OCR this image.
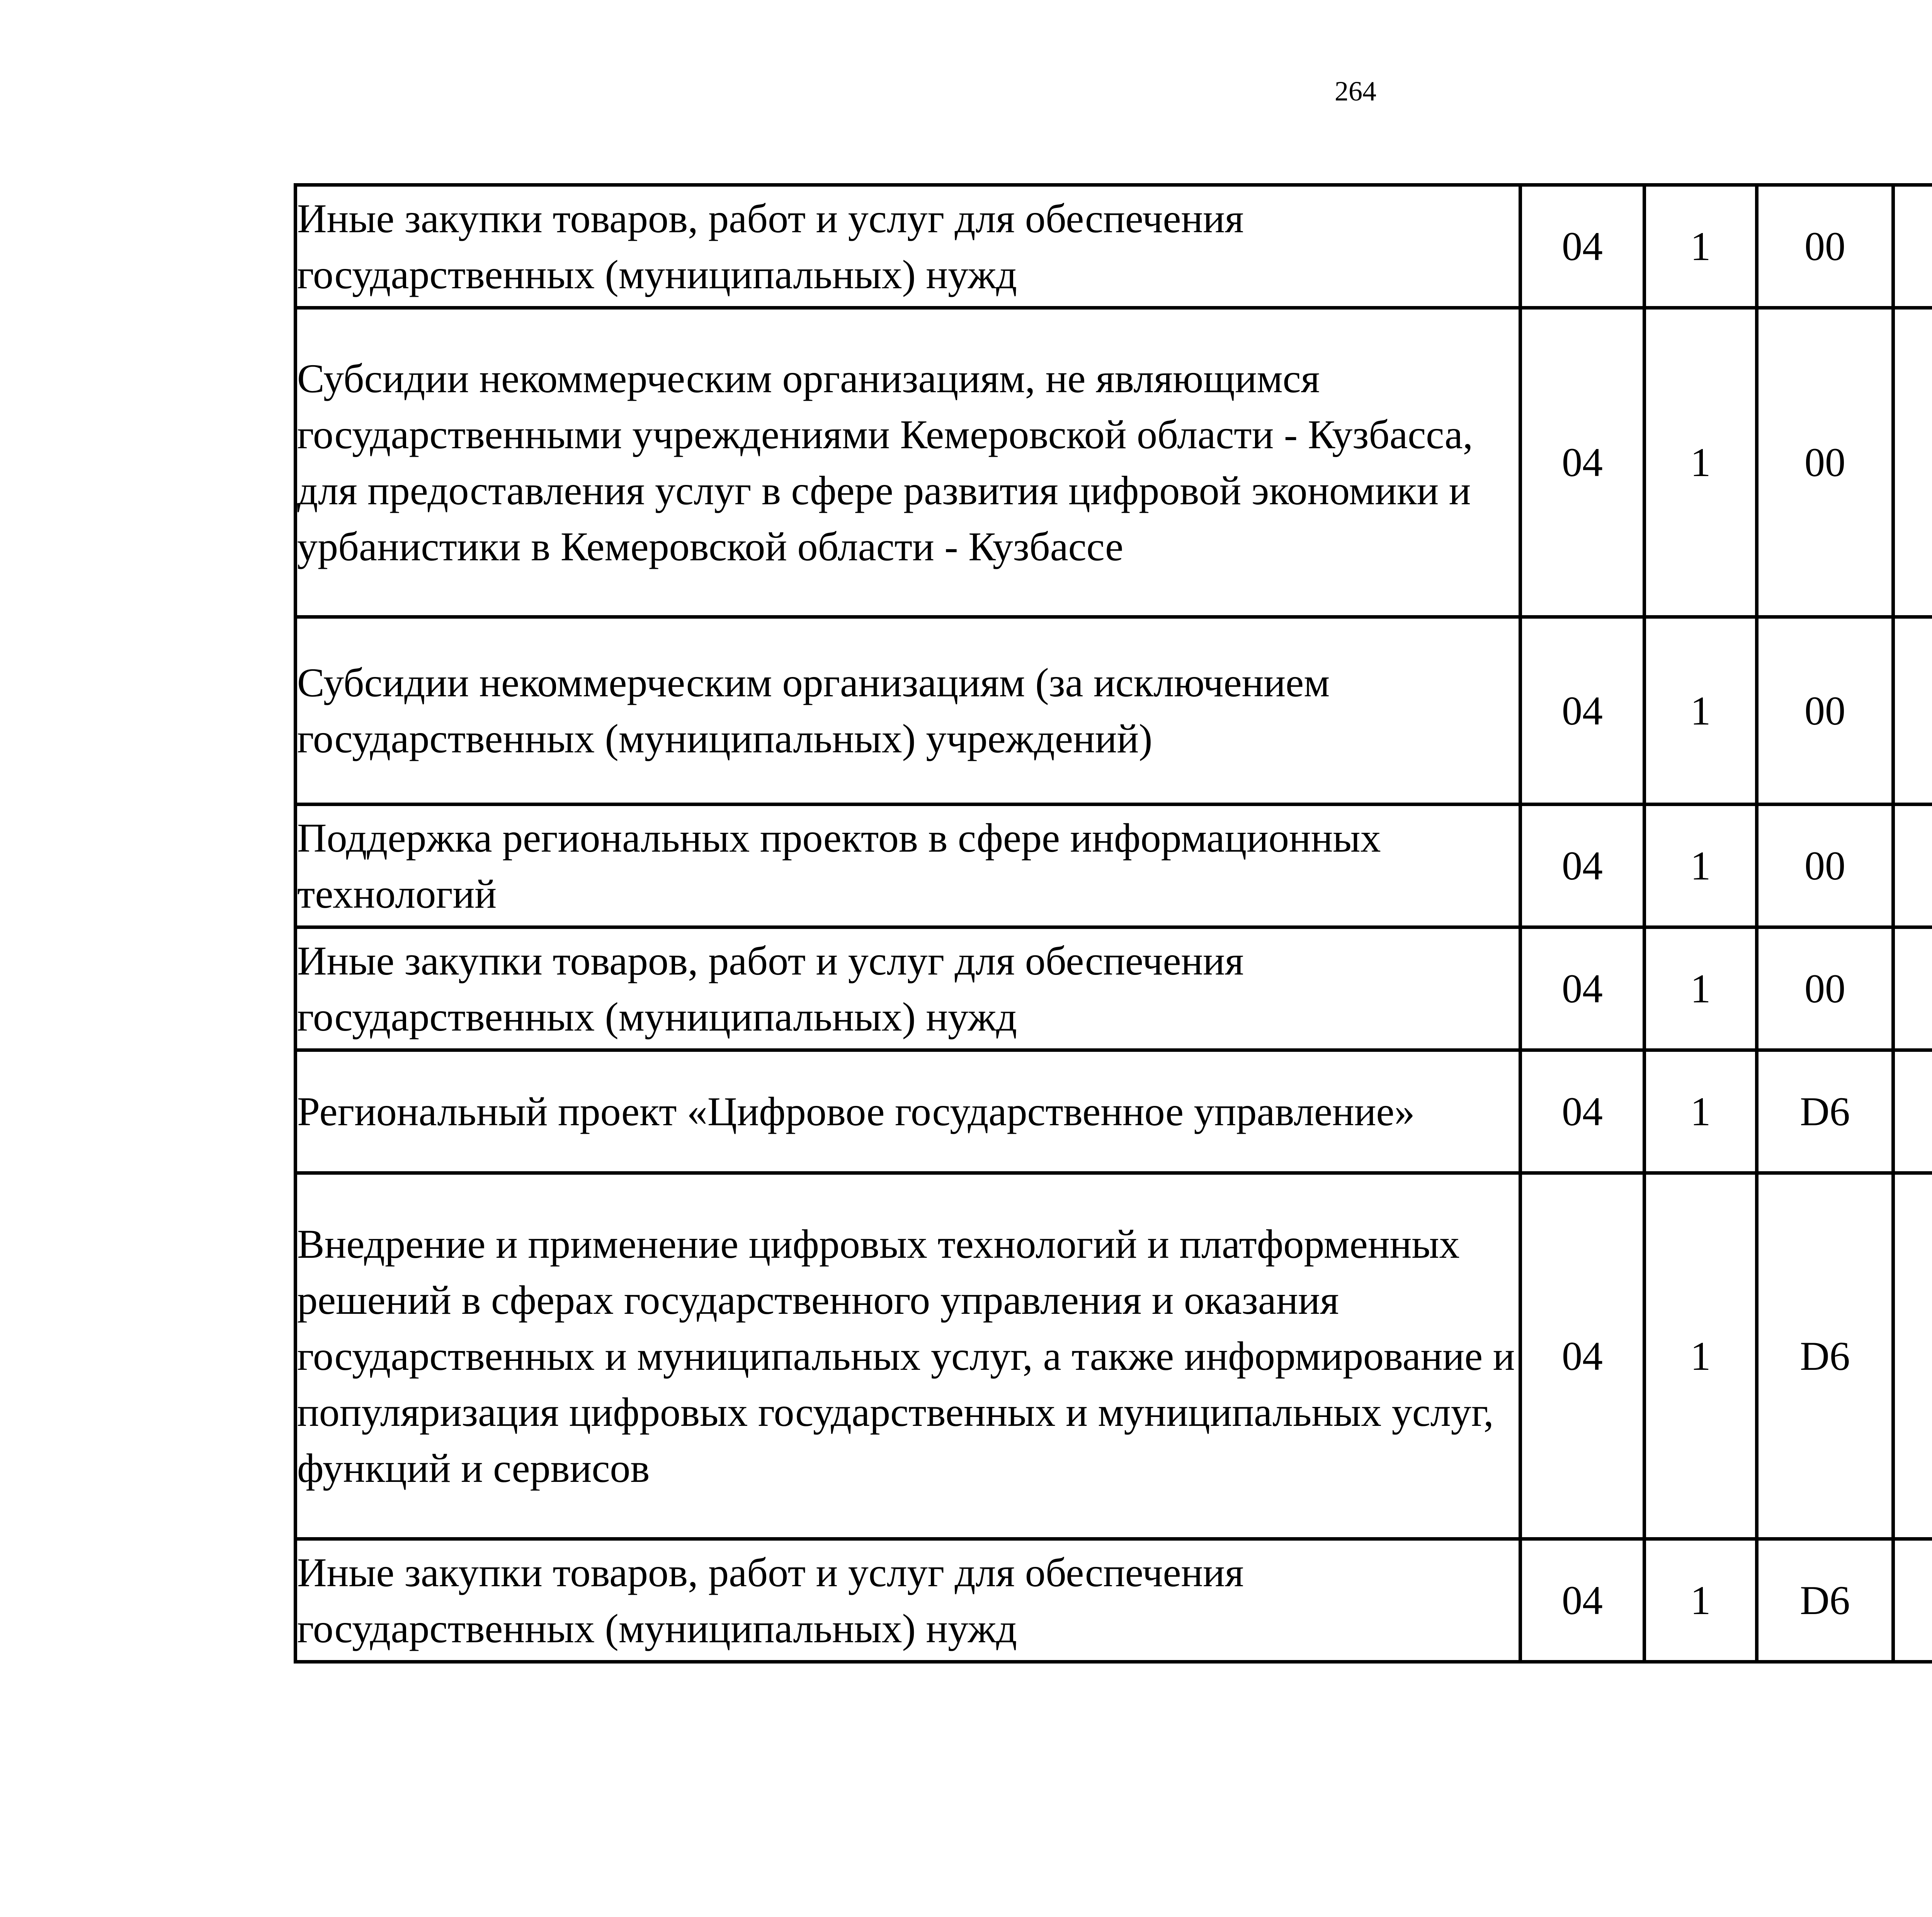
264
Иные закупки товаров, работ и услуг для обеспечения государственных (муниципальных) нужд	04	1	00			
Субсидии некоммерческим организациям, не являющимся государственными учреждениями Кемеровской области - Кузбасса, для предоставления услуг в сфере развития цифровой экономики и урбанистики в Кемеровской области - Кузбассе	04	1	00			
Субсидии некоммерческим организациям (за исключением государственных (муниципальных) учреждений)	04	1	00			
Поддержка региональных проектов в сфере информационных технологий	04	1	00			
Иные закупки товаров, работ и услуг для обеспечения государственных (муниципальных) нужд	04	1	00			
Региональный проект «Цифровое государственное управление»	04	1	D6			
Внедрение и применение цифровых технологий и платформенных решений в сферах государственного управления и оказания государственных и муниципальных услуг, а также информирование и популяризация цифровых государственных и муниципальных услуг, функций и сервисов	04	1	D6			
Иные закупки товаров, работ и услуг для обеспечения государственных (муниципальных) нужд	04	1	D6			
